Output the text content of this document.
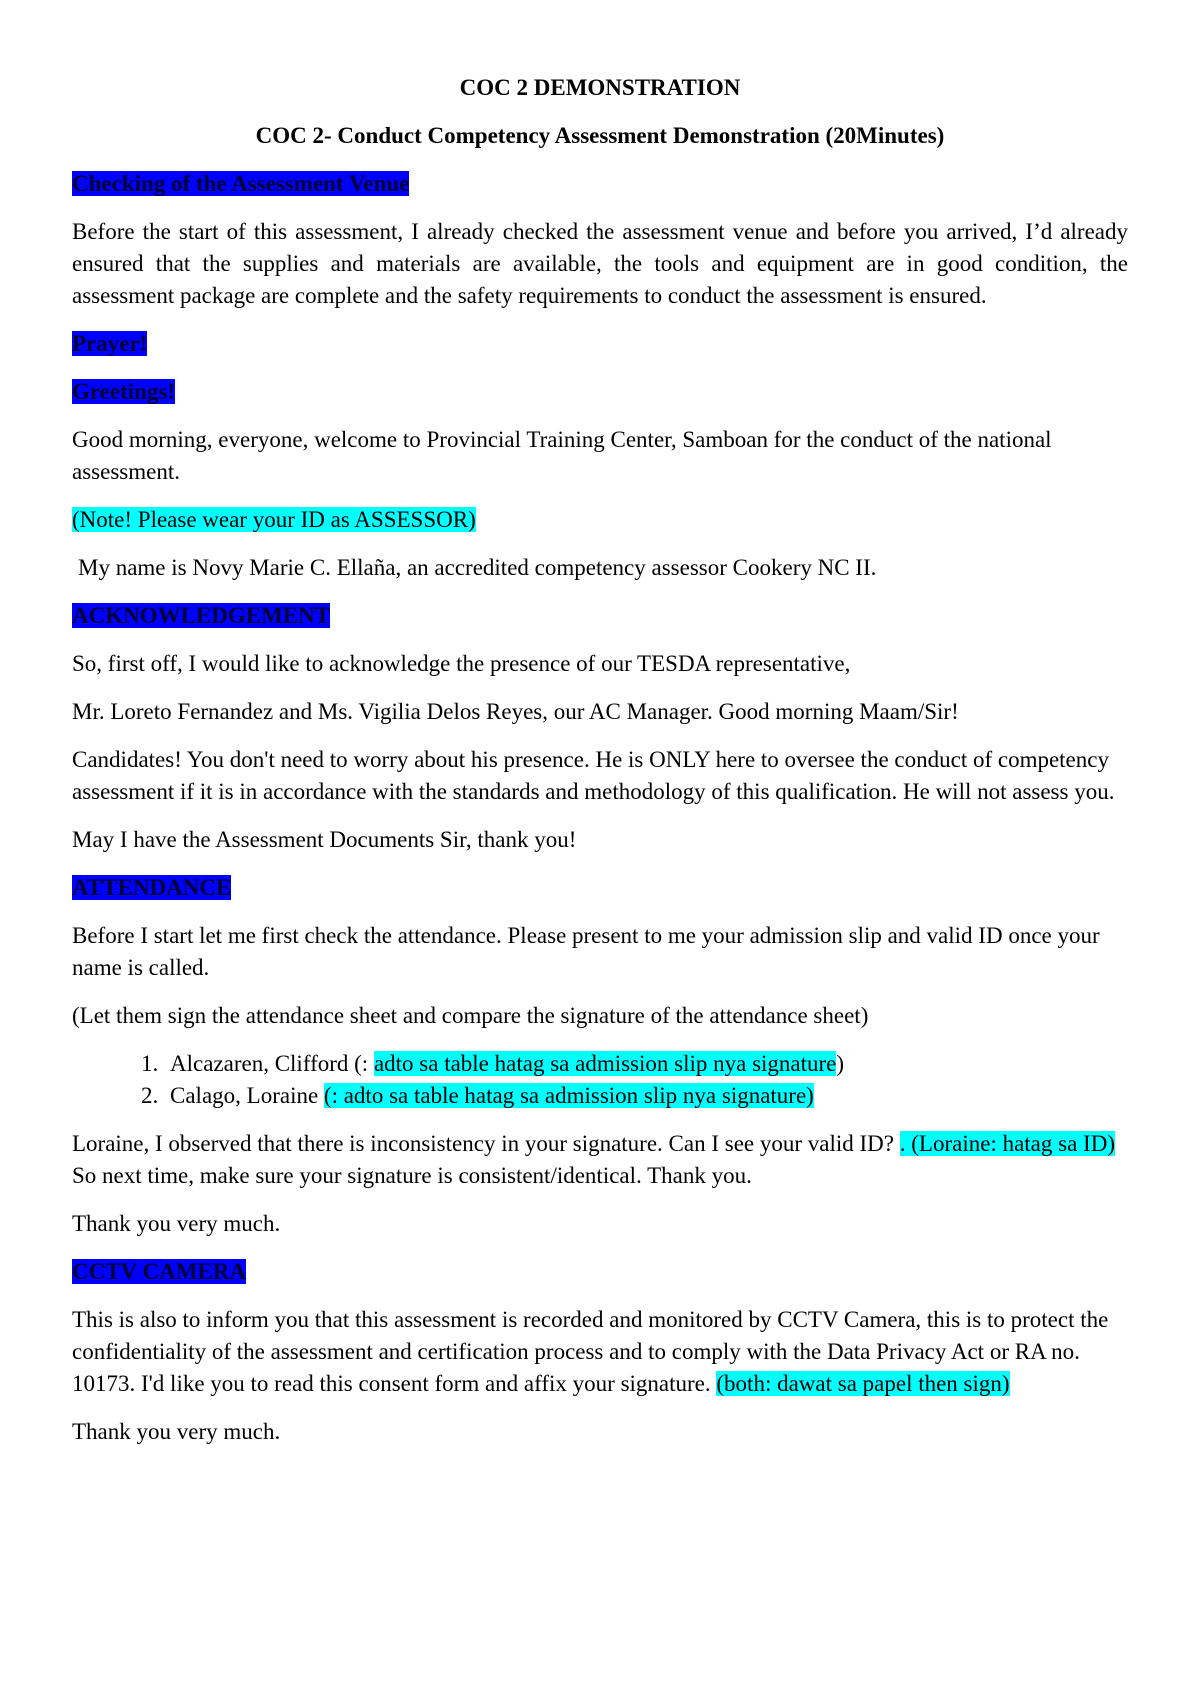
COC 2 DEMONSTRATION

COC 2- Conduct Competency Assessment Demonstration (20Minutes)

Checking of the Assessment Venue

Before the start of this assessment, I already checked the assessment venue and before you arrived, I’d already ensured that the supplies and materials are available, the tools and equipment are in good condition, the assessment package are complete and the safety requirements to conduct the assessment is ensured.

Prayer!

Greetings!

Good morning, everyone, welcome to Provincial Training Center, Samboan for the conduct of the national assessment.

(Note! Please wear your ID as ASSESSOR)

My name is Novy Marie C. Ellaña, an accredited competency assessor Cookery NC II.

ACKNOWLEDGEMENT

So, first off, I would like to acknowledge the presence of our TESDA representative,

Mr. Loreto Fernandez and Ms. Vigilia Delos Reyes, our AC Manager. Good morning Maam/Sir!

Candidates! You don't need to worry about his presence. He is ONLY here to oversee the conduct of competency assessment if it is in accordance with the standards and methodology of this qualification. He will not assess you.

May I have the Assessment Documents Sir, thank you!

ATTENDANCE

Before I start let me first check the attendance. Please present to me your admission slip and valid ID once your name is called.

(Let them sign the attendance sheet and compare the signature of the attendance sheet)

1. Alcazaren, Clifford (: adto sa table hatag sa admission slip nya signature)
2. Calago, Loraine (: adto sa table hatag sa admission slip nya signature)

Loraine, I observed that there is inconsistency in your signature. Can I see your valid ID? . (Loraine: hatag sa ID) So next time, make sure your signature is consistent/identical. Thank you.

Thank you very much.

CCTV CAMERA

This is also to inform you that this assessment is recorded and monitored by CCTV Camera, this is to protect the confidentiality of the assessment and certification process and to comply with the Data Privacy Act or RA no. 10173. I'd like you to read this consent form and affix your signature. (both: dawat sa papel then sign)

Thank you very much.
